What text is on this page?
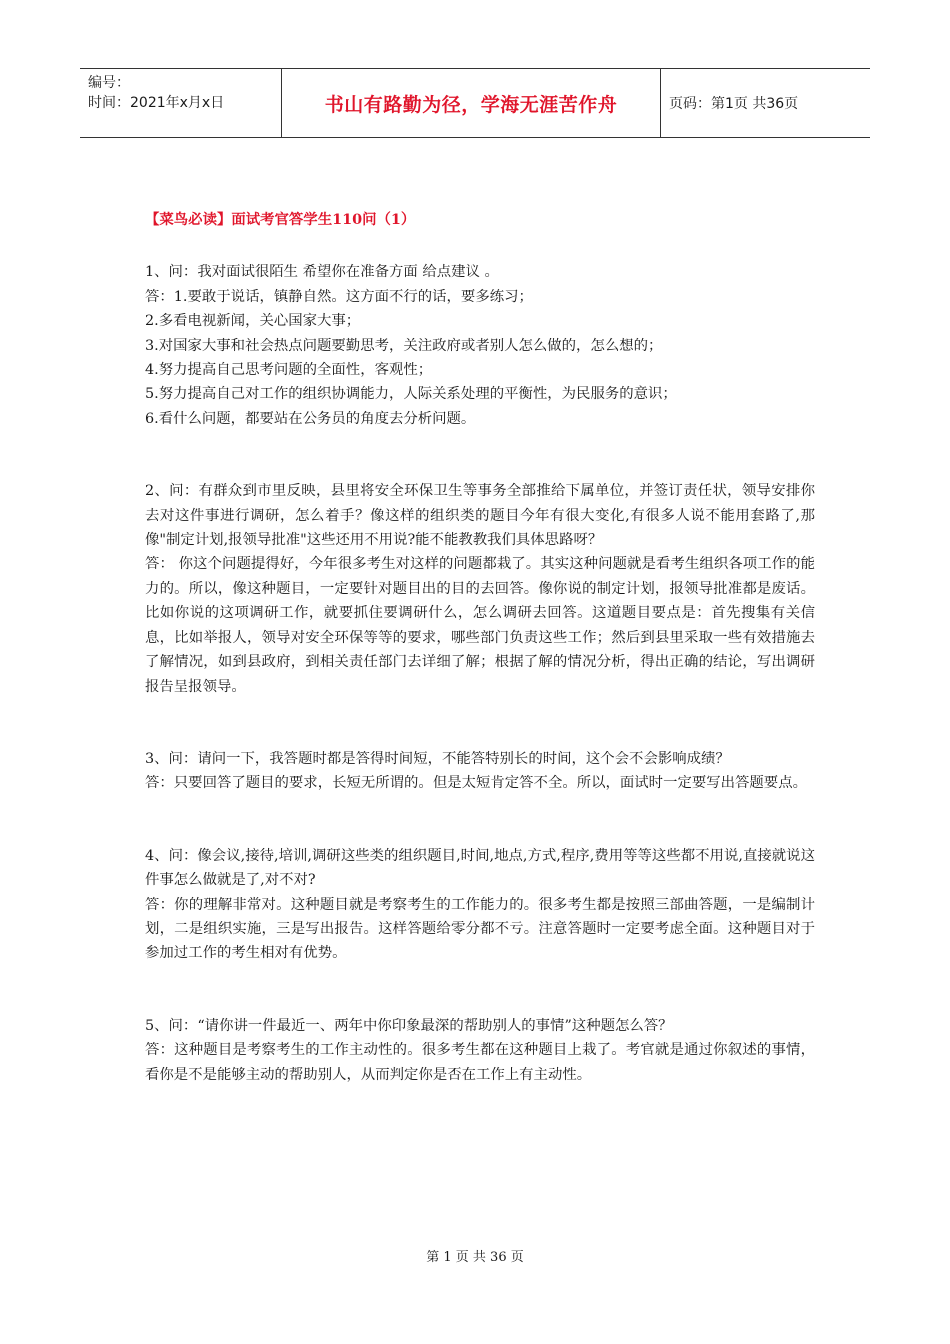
编号：
时间：2021年x月x日	书山有路勤为径，学海无涯苦作舟	页码：第1页 共36页
【菜鸟必读】面试考官答学生110问（1）

1、问：我对面试很陌生 希望你在准备方面 给点建议 。

答：1.要敢于说话，镇静自然。这方面不行的话，要多练习；

2.多看电视新闻，关心国家大事；

3.对国家大事和社会热点问题要勤思考，关注政府或者别人怎么做的，怎么想的；

4.努力提高自己思考问题的全面性，客观性；

5.努力提高自己对工作的组织协调能力，人际关系处理的平衡性，为民服务的意识；

6.看什么问题，都要站在公务员的角度去分析问题。

2、问：有群众到市里反映，县里将安全环保卫生等事务全部推给下属单位，并签订责任状，领导安排你去对这件事进行调研，怎么着手？像这样的组织类的题目今年有很大变化,有很多人说不能用套路了,那像"制定计划,报领导批准"这些还用不用说?能不能教教我们具体思路呀？

答： 你这个问题提得好，今年很多考生对这样的问题都栽了。其实这种问题就是看考生组织各项工作的能力的。所以，像这种题目，一定要针对题目出的目的去回答。像你说的制定计划，报领导批准都是废话。比如你说的这项调研工作，就要抓住要调研什么，怎么调研去回答。这道题目要点是：首先搜集有关信息，比如举报人，领导对安全环保等等的要求，哪些部门负责这些工作；然后到县里采取一些有效措施去了解情况，如到县政府，到相关责任部门去详细了解；根据了解的情况分析，得出正确的结论，写出调研报告呈报领导。

3、问：请问一下，我答题时都是答得时间短，不能答特别长的时间，这个会不会影响成绩？

答：只要回答了题目的要求，长短无所谓的。但是太短肯定答不全。所以，面试时一定要写出答题要点。

4、问：像会议,接待,培训,调研这些类的组织题目,时间,地点,方式,程序,费用等等这些都不用说,直接就说这件事怎么做就是了,对不对?

答：你的理解非常对。这种题目就是考察考生的工作能力的。很多考生都是按照三部曲答题，一是编制计划，二是组织实施，三是写出报告。这样答题给零分都不亏。注意答题时一定要考虑全面。这种题目对于参加过工作的考生相对有优势。

5、问：“请你讲一件最近一、两年中你印象最深的帮助别人的事情”这种题怎么答？

答：这种题目是考察考生的工作主动性的。很多考生都在这种题目上栽了。考官就是通过你叙述的事情，看你是不是能够主动的帮助别人，从而判定你是否在工作上有主动性。

第 1 页 共 36 页
